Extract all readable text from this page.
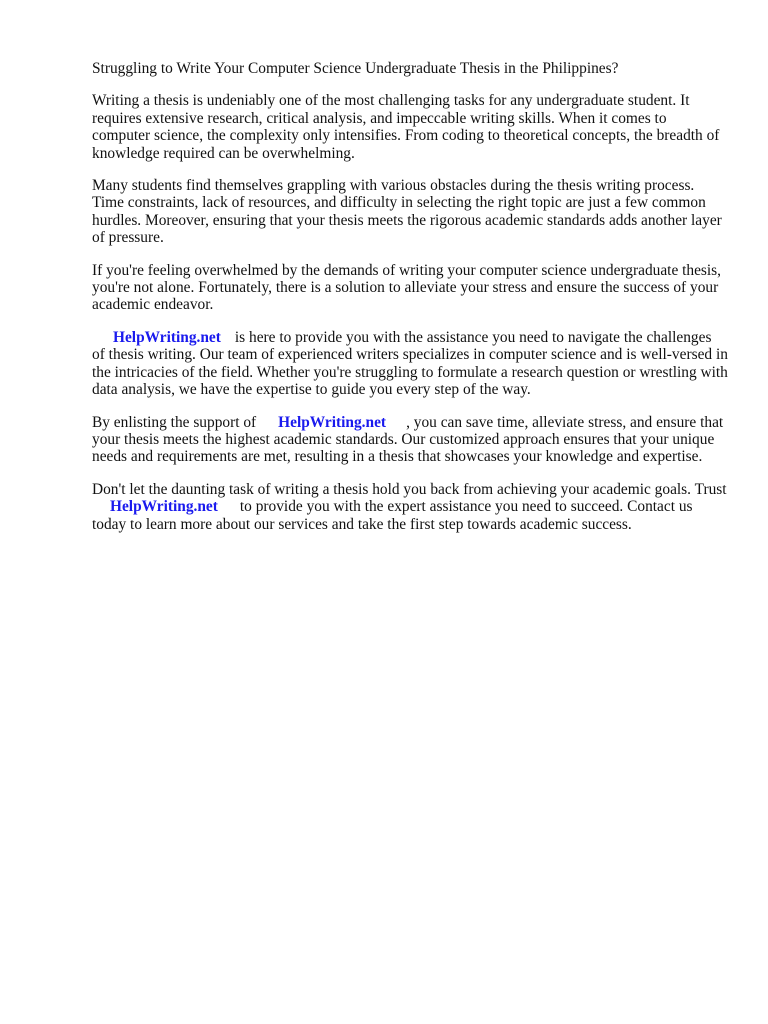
Struggling to Write Your Computer Science Undergraduate Thesis in the Philippines?

Writing a thesis is undeniably one of the most challenging tasks for any undergraduate student. It requires extensive research, critical analysis, and impeccable writing skills. When it comes to computer science, the complexity only intensifies. From coding to theoretical concepts, the breadth of knowledge required can be overwhelming.

Many students find themselves grappling with various obstacles during the thesis writing process. Time constraints, lack of resources, and difficulty in selecting the right topic are just a few common hurdles. Moreover, ensuring that your thesis meets the rigorous academic standards adds another layer of pressure.

If you're feeling overwhelmed by the demands of writing your computer science undergraduate thesis, you're not alone. Fortunately, there is a solution to alleviate your stress and ensure the success of your academic endeavor.

HelpWriting.net is here to provide you with the assistance you need to navigate the challenges of thesis writing. Our team of experienced writers specializes in computer science and is well-versed in the intricacies of the field. Whether you're struggling to formulate a research question or wrestling with data analysis, we have the expertise to guide you every step of the way.

By enlisting the support of HelpWriting.net , you can save time, alleviate stress, and ensure that your thesis meets the highest academic standards. Our customized approach ensures that your unique needs and requirements are met, resulting in a thesis that showcases your knowledge and expertise.

Don't let the daunting task of writing a thesis hold you back from achieving your academic goals. TrustHelpWriting.net to provide you with the expert assistance you need to succeed. Contact us today to learn more about our services and take the first step towards academic success.
